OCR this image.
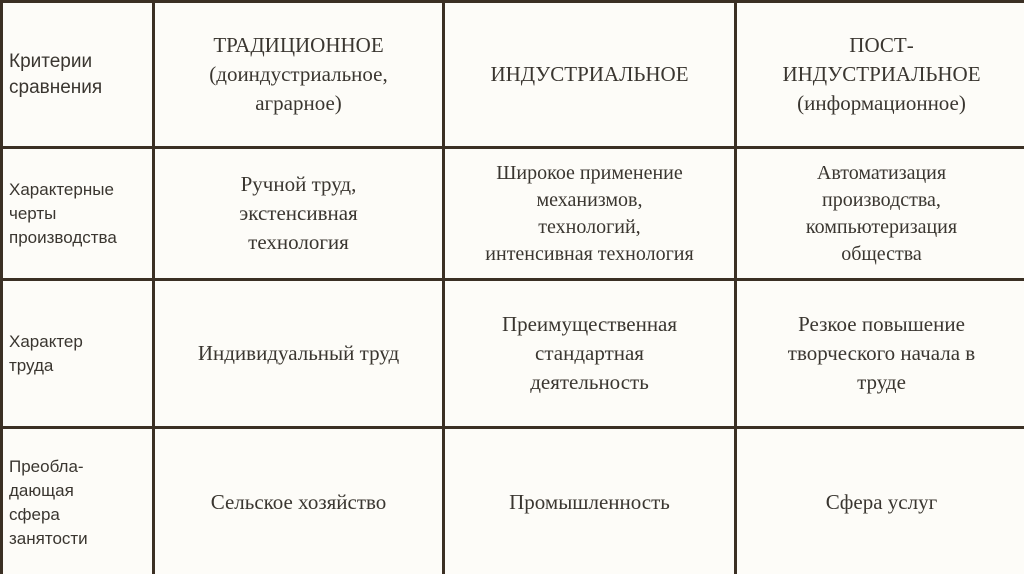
Критерии
сравнения	ТРАДИЦИОННОЕ
(доиндустриальное,
аграрное)	ИНДУСТРИАЛЬНОЕ	ПОСТ-
ИНДУСТРИАЛЬНОЕ
(информационное)
Характерные
черты
производства	Ручной труд,
экстенсивная
технология	Широкое применение
механизмов,
технологий,
интенсивная технология	Автоматизация
производства,
компьютеризация
общества
Характер
труда	Индивидуальный труд	Преимущественная
стандартная
деятельность	Резкое повышение
творческого начала в
труде
Преобла-
дающая
сфера
занятости	Сельское хозяйство	Промышленность	Сфера услуг
